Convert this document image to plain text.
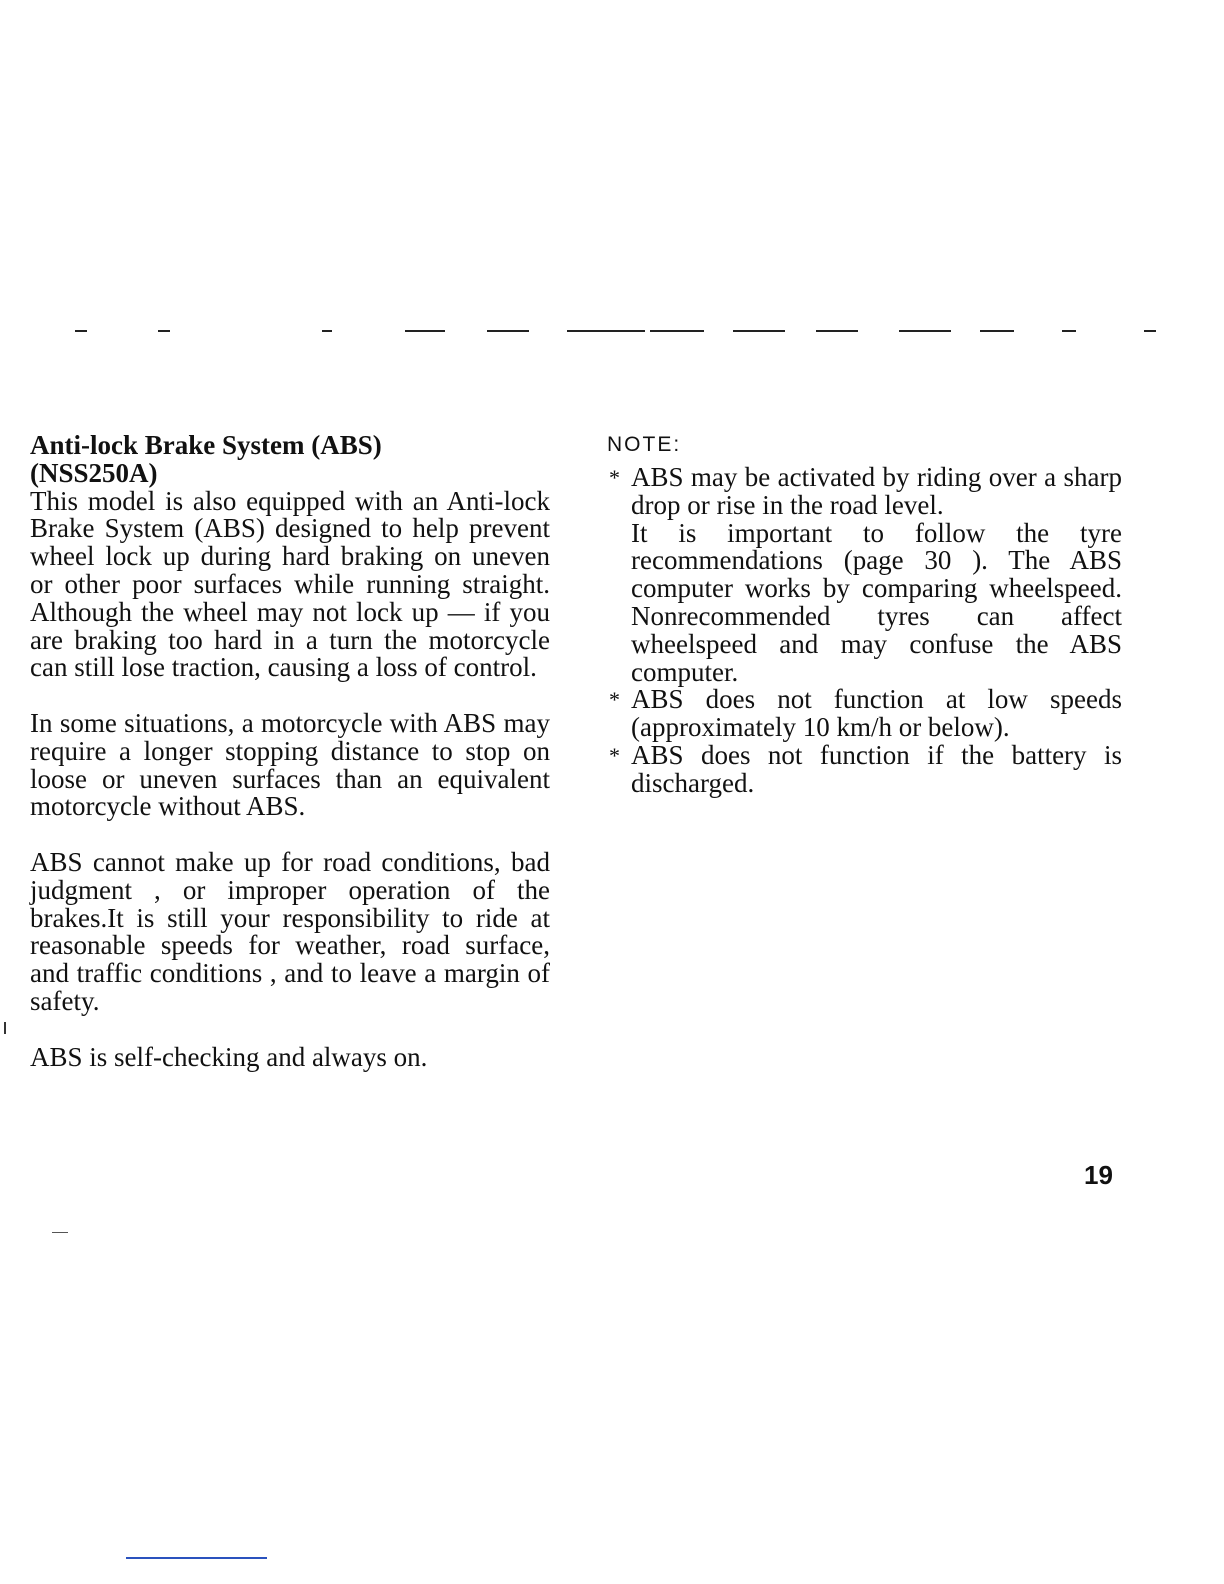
Anti-lock Brake System (ABS)
(NSS250A)

This model is also equipped with an Anti-lock Brake System (ABS) designed to help prevent wheel lock up during hard braking on uneven or other poor surfaces while running straight. Although the wheel may not lock up — if you are braking too hard in a turn the motorcycle can still lose traction, causing a loss of control.

In some situations, a motorcycle with ABS may require a longer stopping distance to stop on loose or uneven surfaces than an equivalent motorcycle without ABS.

ABS cannot make up for road conditions, bad judgment , or improper operation of the brakes.It is still your responsibility to ride at reasonable speeds for weather, road surface, and traffic conditions , and to leave a margin of safety.

ABS is self-checking and always on.

NOTE:

* ABS may be activated by riding over a sharp drop or rise in the road level.
It is important to follow the tyre recommendations (page 30 ). The ABS computer works by comparing wheelspeed. Nonrecommended tyres can affect wheelspeed and may confuse the ABS computer.
* ABS does not function at low speeds (approximately 10 km/h or below).
* ABS does not function if the battery is discharged.
19
